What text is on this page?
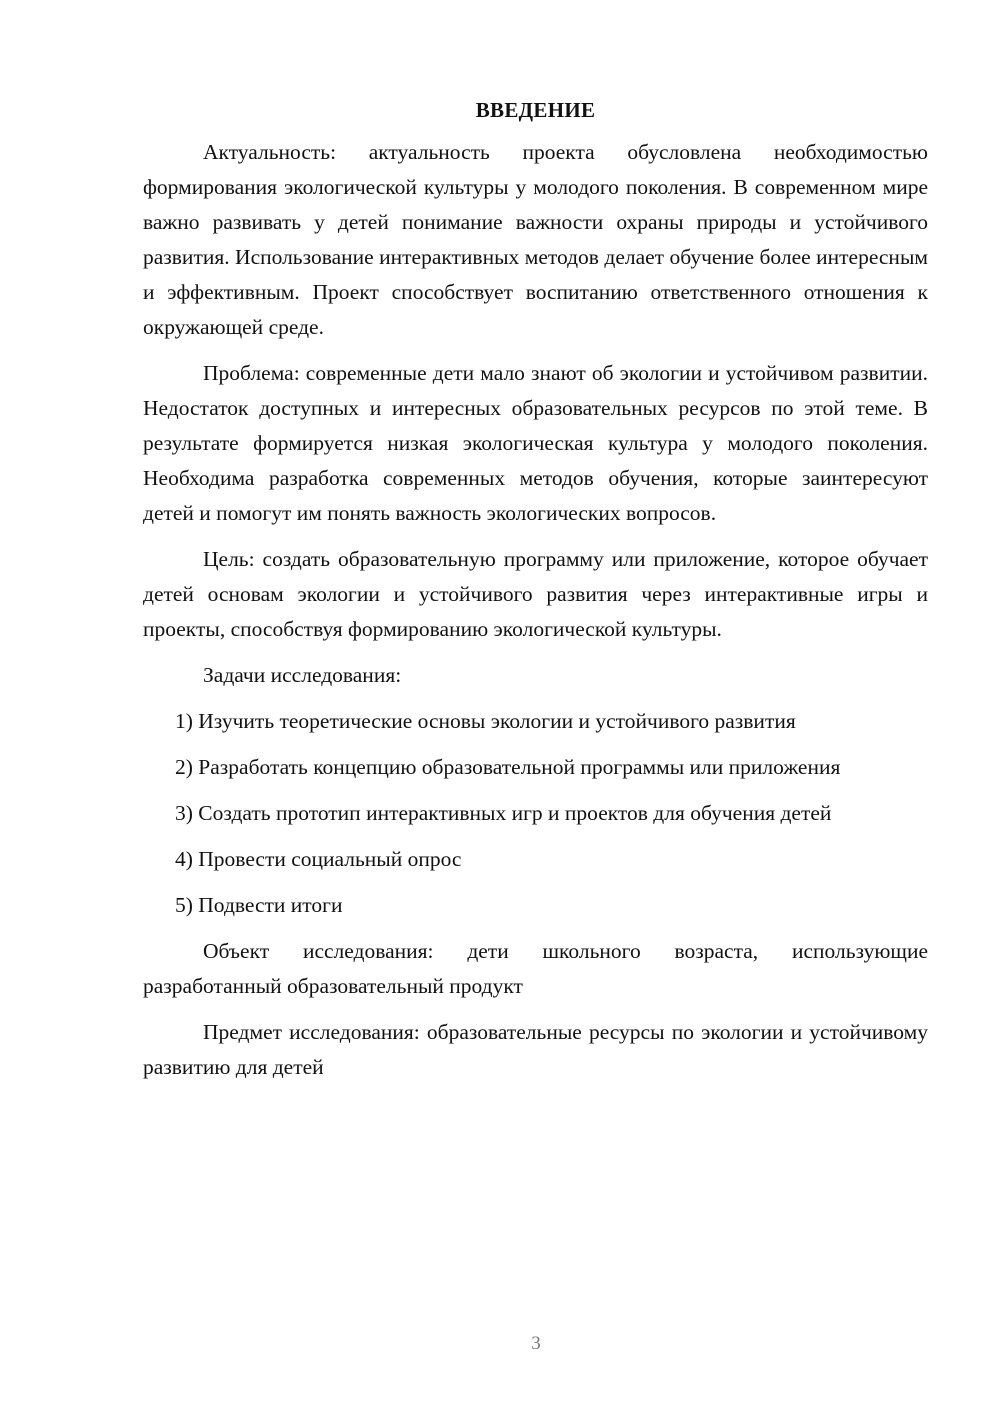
ВВЕДЕНИЕ

Актуальность: актуальность проекта обусловлена необходимостью формирования экологической культуры у молодого поколения. В современном мире важно развивать у детей понимание важности охраны природы и устойчивого развития. Использование интерактивных методов делает обучение более интересным и эффективным. Проект способствует воспитанию ответственного отношения к окружающей среде.

Проблема: современные дети мало знают об экологии и устойчивом развитии. Недостаток доступных и интересных образовательных ресурсов по этой теме. В результате формируется низкая экологическая культура у молодого поколения. Необходима разработка современных методов обучения, которые заинтересуют детей и помогут им понять важность экологических вопросов.

Цель: создать образовательную программу или приложение, которое обучает детей основам экологии и устойчивого развития через интерактивные игры и проекты, способствуя формированию экологической культуры.

Задачи исследования:

1) Изучить теоретические основы экологии и устойчивого развития

2) Разработать концепцию образовательной программы или приложения

3) Создать прототип интерактивных игр и проектов для обучения детей

4) Провести социальный опрос

5) Подвести итоги

Объект исследования: дети школьного возраста, использующие разработанный образовательный продукт

Предмет исследования: образовательные ресурсы по экологии и устойчивому развитию для детей

3
